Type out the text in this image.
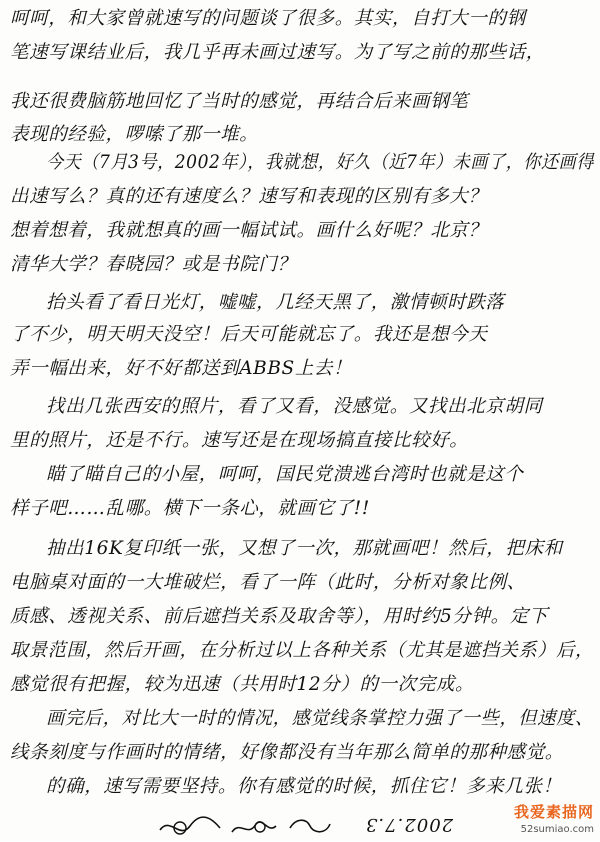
呵呵，和大家曾就速写的问题谈了很多。其实，自打大一的钢
笔速写课结业后，我几乎再未画过速写。为了写之前的那些话，
我还很费脑筋地回忆了当时的感觉，再结合后来画钢笔
表现的经验，啰嗦了那一堆。
今天（7月3号，2002年），我就想，好久（近7年）未画了，你还画得
出速写么？真的还有速度么？速写和表现的区别有多大？
想着想着，我就想真的画一幅试试。画什么好呢？北京？
清华大学？春晓园？或是书院门？
抬头看了看日光灯，嘘嘘，几经天黑了，激情顿时跌落
了不少，明天明天没空！后天可能就忘了。我还是想今天
弄一幅出来，好不好都送到ABBS上去！
找出几张西安的照片，看了又看，没感觉。又找出北京胡同
里的照片，还是不行。速写还是在现场搞直接比较好。
瞄了瞄自己的小屋，呵呵，国民党溃逃台湾时也就是这个
样子吧……乱哪。横下一条心，就画它了!!
抽出16K复印纸一张，又想了一次，那就画吧！然后，把床和
电脑桌对面的一大堆破烂，看了一阵（此时，分析对象比例、
质感、透视关系、前后遮挡关系及取舍等），用时约5分钟。定下
取景范围，然后开画，在分析过以上各种关系（尤其是遮挡关系）后，
感觉很有把握，较为迅速（共用时12分）的一次完成。
画完后，对比大一时的情况，感觉线条掌控力强了一些，但速度、
线条刻度与作画时的情绪，好像都没有当年那么简单的那种感觉。
的确，速写需要坚持。你有感觉的时候，抓住它！多来几张！
2002.7.3
我爱素描网
52sumiao.com
